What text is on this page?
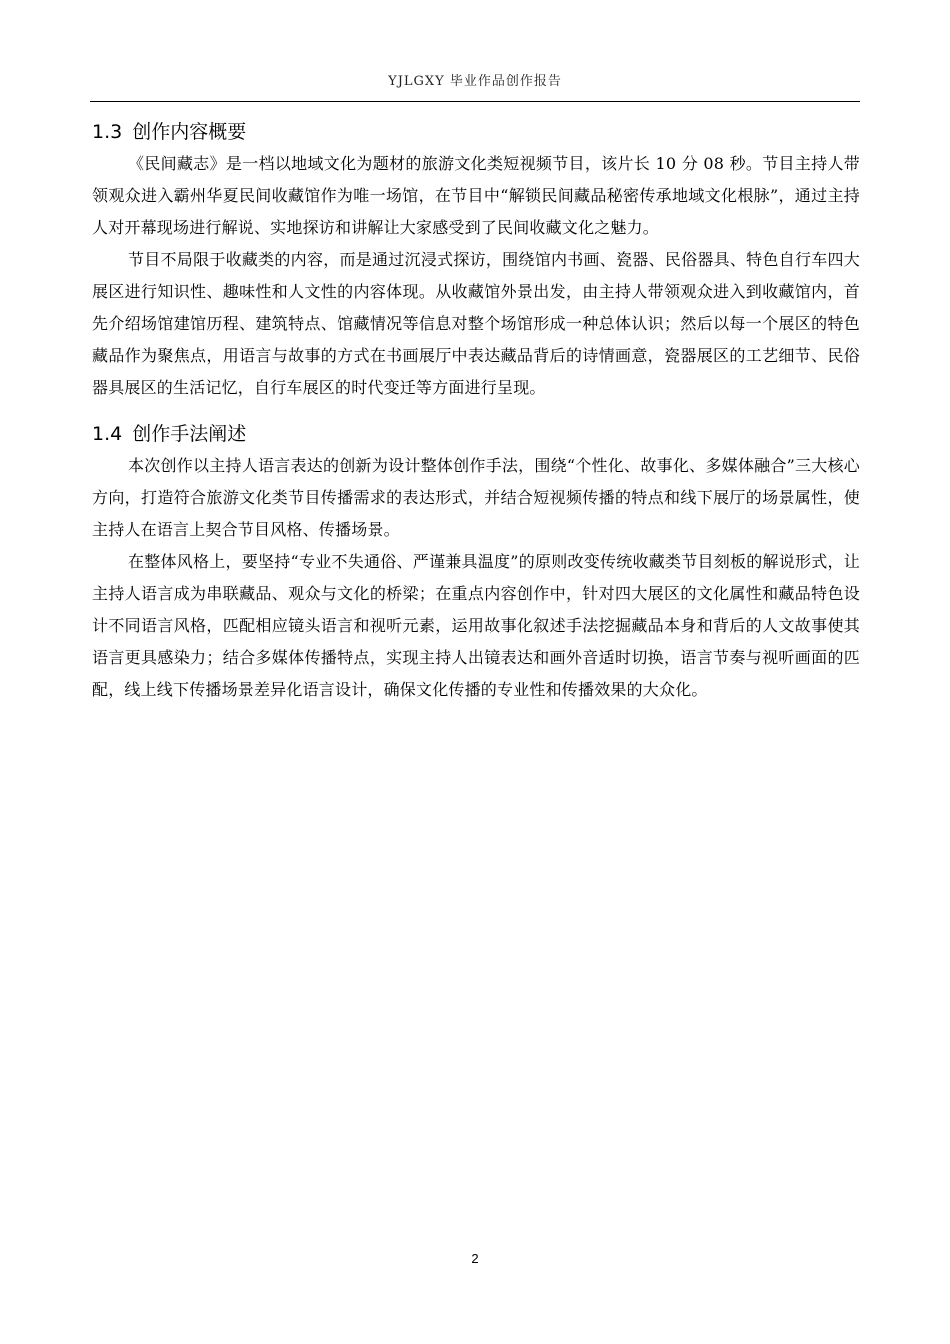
YJLGXY 毕业作品创作报告
1.3 创作内容概要

《民间藏志》是一档以地域文化为题材的旅游文化类短视频节目，该片长 10 分 08 秒。节目主持人带领观众进入霸州华夏民间收藏馆作为唯一场馆，在节目中“解锁民间藏品秘密传承地域文化根脉”，通过主持人对开幕现场进行解说、实地探访和讲解让大家感受到了民间收藏文化之魅力。

节目不局限于收藏类的内容，而是通过沉浸式探访，围绕馆内书画、瓷器、民俗器具、特色自行车四大展区进行知识性、趣味性和人文性的内容体现。从收藏馆外景出发，由主持人带领观众进入到收藏馆内，首先介绍场馆建馆历程、建筑特点、馆藏情况等信息对整个场馆形成一种总体认识；然后以每一个展区的特色藏品作为聚焦点，用语言与故事的方式在书画展厅中表达藏品背后的诗情画意，瓷器展区的工艺细节、民俗器具展区的生活记忆，自行车展区的时代变迁等方面进行呈现。

1.4 创作手法阐述

本次创作以主持人语言表达的创新为设计整体创作手法，围绕“个性化、故事化、多媒体融合”三大核心方向，打造符合旅游文化类节目传播需求的表达形式，并结合短视频传播的特点和线下展厅的场景属性，使主持人在语言上契合节目风格、传播场景。

在整体风格上，要坚持“专业不失通俗、严谨兼具温度”的原则改变传统收藏类节目刻板的解说形式，让主持人语言成为串联藏品、观众与文化的桥梁；在重点内容创作中，针对四大展区的文化属性和藏品特色设计不同语言风格，匹配相应镜头语言和视听元素，运用故事化叙述手法挖掘藏品本身和背后的人文故事使其语言更具感染力；结合多媒体传播特点，实现主持人出镜表达和画外音适时切换，语言节奏与视听画面的匹配，线上线下传播场景差异化语言设计，确保文化传播的专业性和传播效果的大众化。

2
